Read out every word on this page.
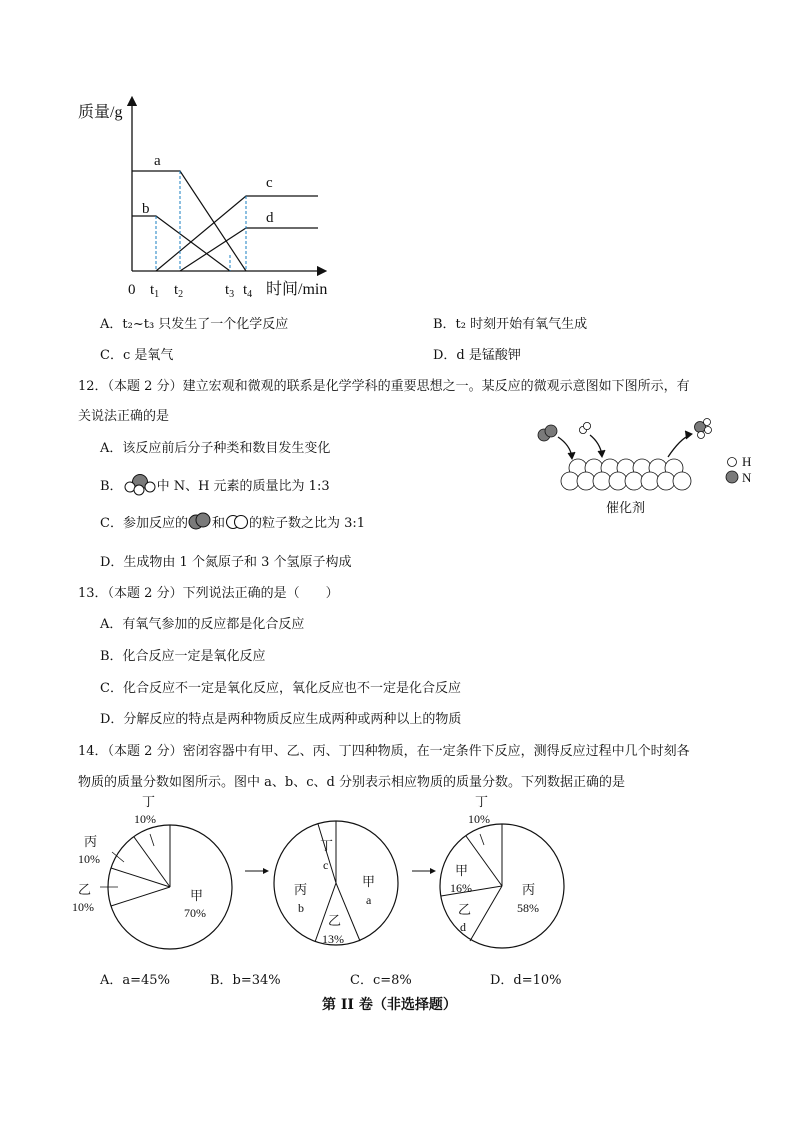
质量/g
时间/min
0 $t_1$ $t_2$	$t_3$ $t_4$
a
b
c
d
A．t₂~t₃ 只发生了一个化学反应	B．t₂ 时刻开始有氧气生成
C．c 是氧气	D．d 是锰酸钾
12．（本题 2 分）建立宏观和微观的联系是化学学科的重要思想之一。某反应的微观示意图如下图所示，有
关说法正确的是
A．该反应前后分子种类和数目发生变化
B．	中 N、H 元素的质量比为 1:3
C．参加反应的 和 的粒子数之比为 3:1
D．生成物由 1 个氮原子和 3 个氢原子构成
H
N
催化剂
13．（本题 2 分）下列说法正确的是（　　）
A．有氧气参加的反应都是化合反应
B．化合反应一定是氧化反应
C．化合反应不一定是氧化反应，氧化反应也不一定是化合反应
D．分解反应的特点是两种物质反应生成两种或两种以上的物质
14．（本题 2 分）密闭容器中有甲、乙、丙、丁四种物质，在一定条件下反应，测得反应过程中几个时刻各
物质的质量分数如图所示。图中 a、b、c、d 分别表示相应物质的质量分数。下列数据正确的是
丁
10%
丙
10%
乙
10%
甲
70%
丁
c
丙
b
乙
13%
甲
a
丁
10%
甲
16%
乙
d
丙
58%
A．a=45%	B．b=34%	C．c=8%	D．d=10%
第 II 卷（非选择题）
